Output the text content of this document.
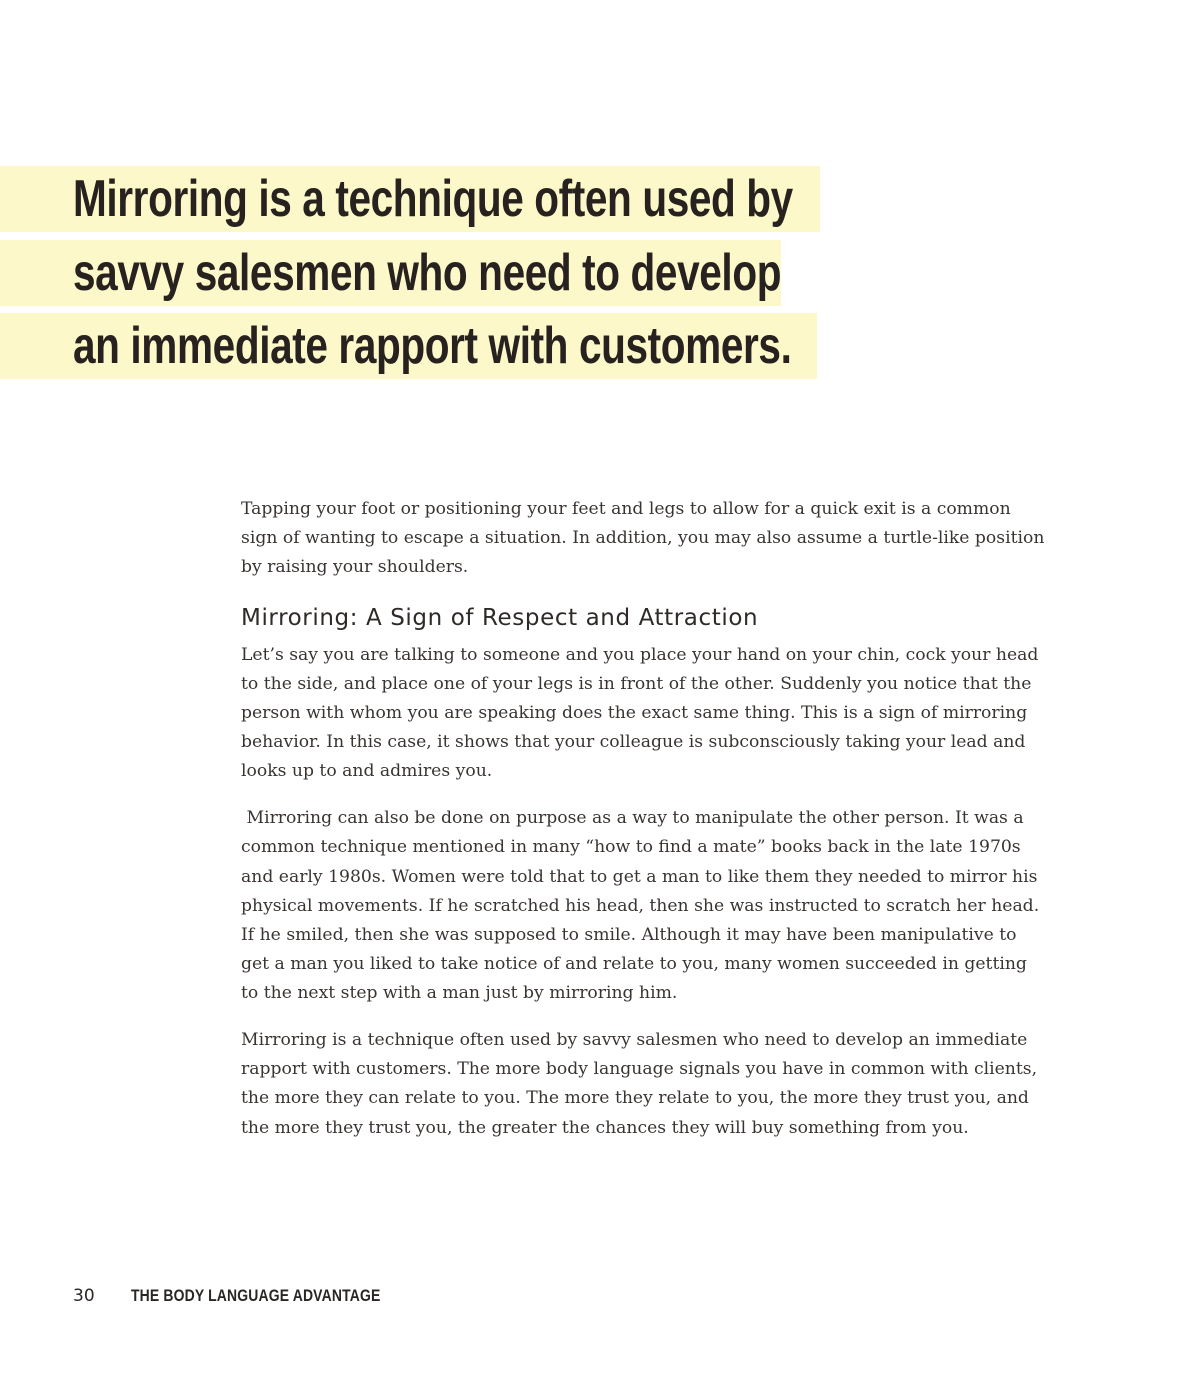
Mirroring is a technique often used by
savvy salesmen who need to develop
an immediate rapport with customers.

Tapping your foot or positioning your feet and legs to allow for a quick exit is a common sign of wanting to escape a situation. In addition, you may also assume a turtle-like position by raising your shoulders.

Mirroring: A Sign of Respect and Attraction

Let’s say you are talking to someone and you place your hand on your chin, cock your head to the side, and place one of your legs is in front of the other. Suddenly you notice that the person with whom you are speaking does the exact same thing. This is a sign of mirroring behavior. In this case, it shows that your colleague is subconsciously taking your lead and looks up to and admires you.

Mirroring can also be done on purpose as a way to manipulate the other person. It was a common technique mentioned in many “how to find a mate” books back in the late 1970s and early 1980s. Women were told that to get a man to like them they needed to mirror his physical movements. If he scratched his head, then she was instructed to scratch her head. If he smiled, then she was supposed to smile. Although it may have been manipulative to get a man you liked to take notice of and relate to you, many women succeeded in getting to the next step with a man just by mirroring him.

Mirroring is a technique often used by savvy salesmen who need to develop an immediate rapport with customers. The more body language signals you have in common with clients, the more they can relate to you. The more they relate to you, the more they trust you, and the more they trust you, the greater the chances they will buy something from you.

30	THE BODY LANGUAGE ADVANTAGE
